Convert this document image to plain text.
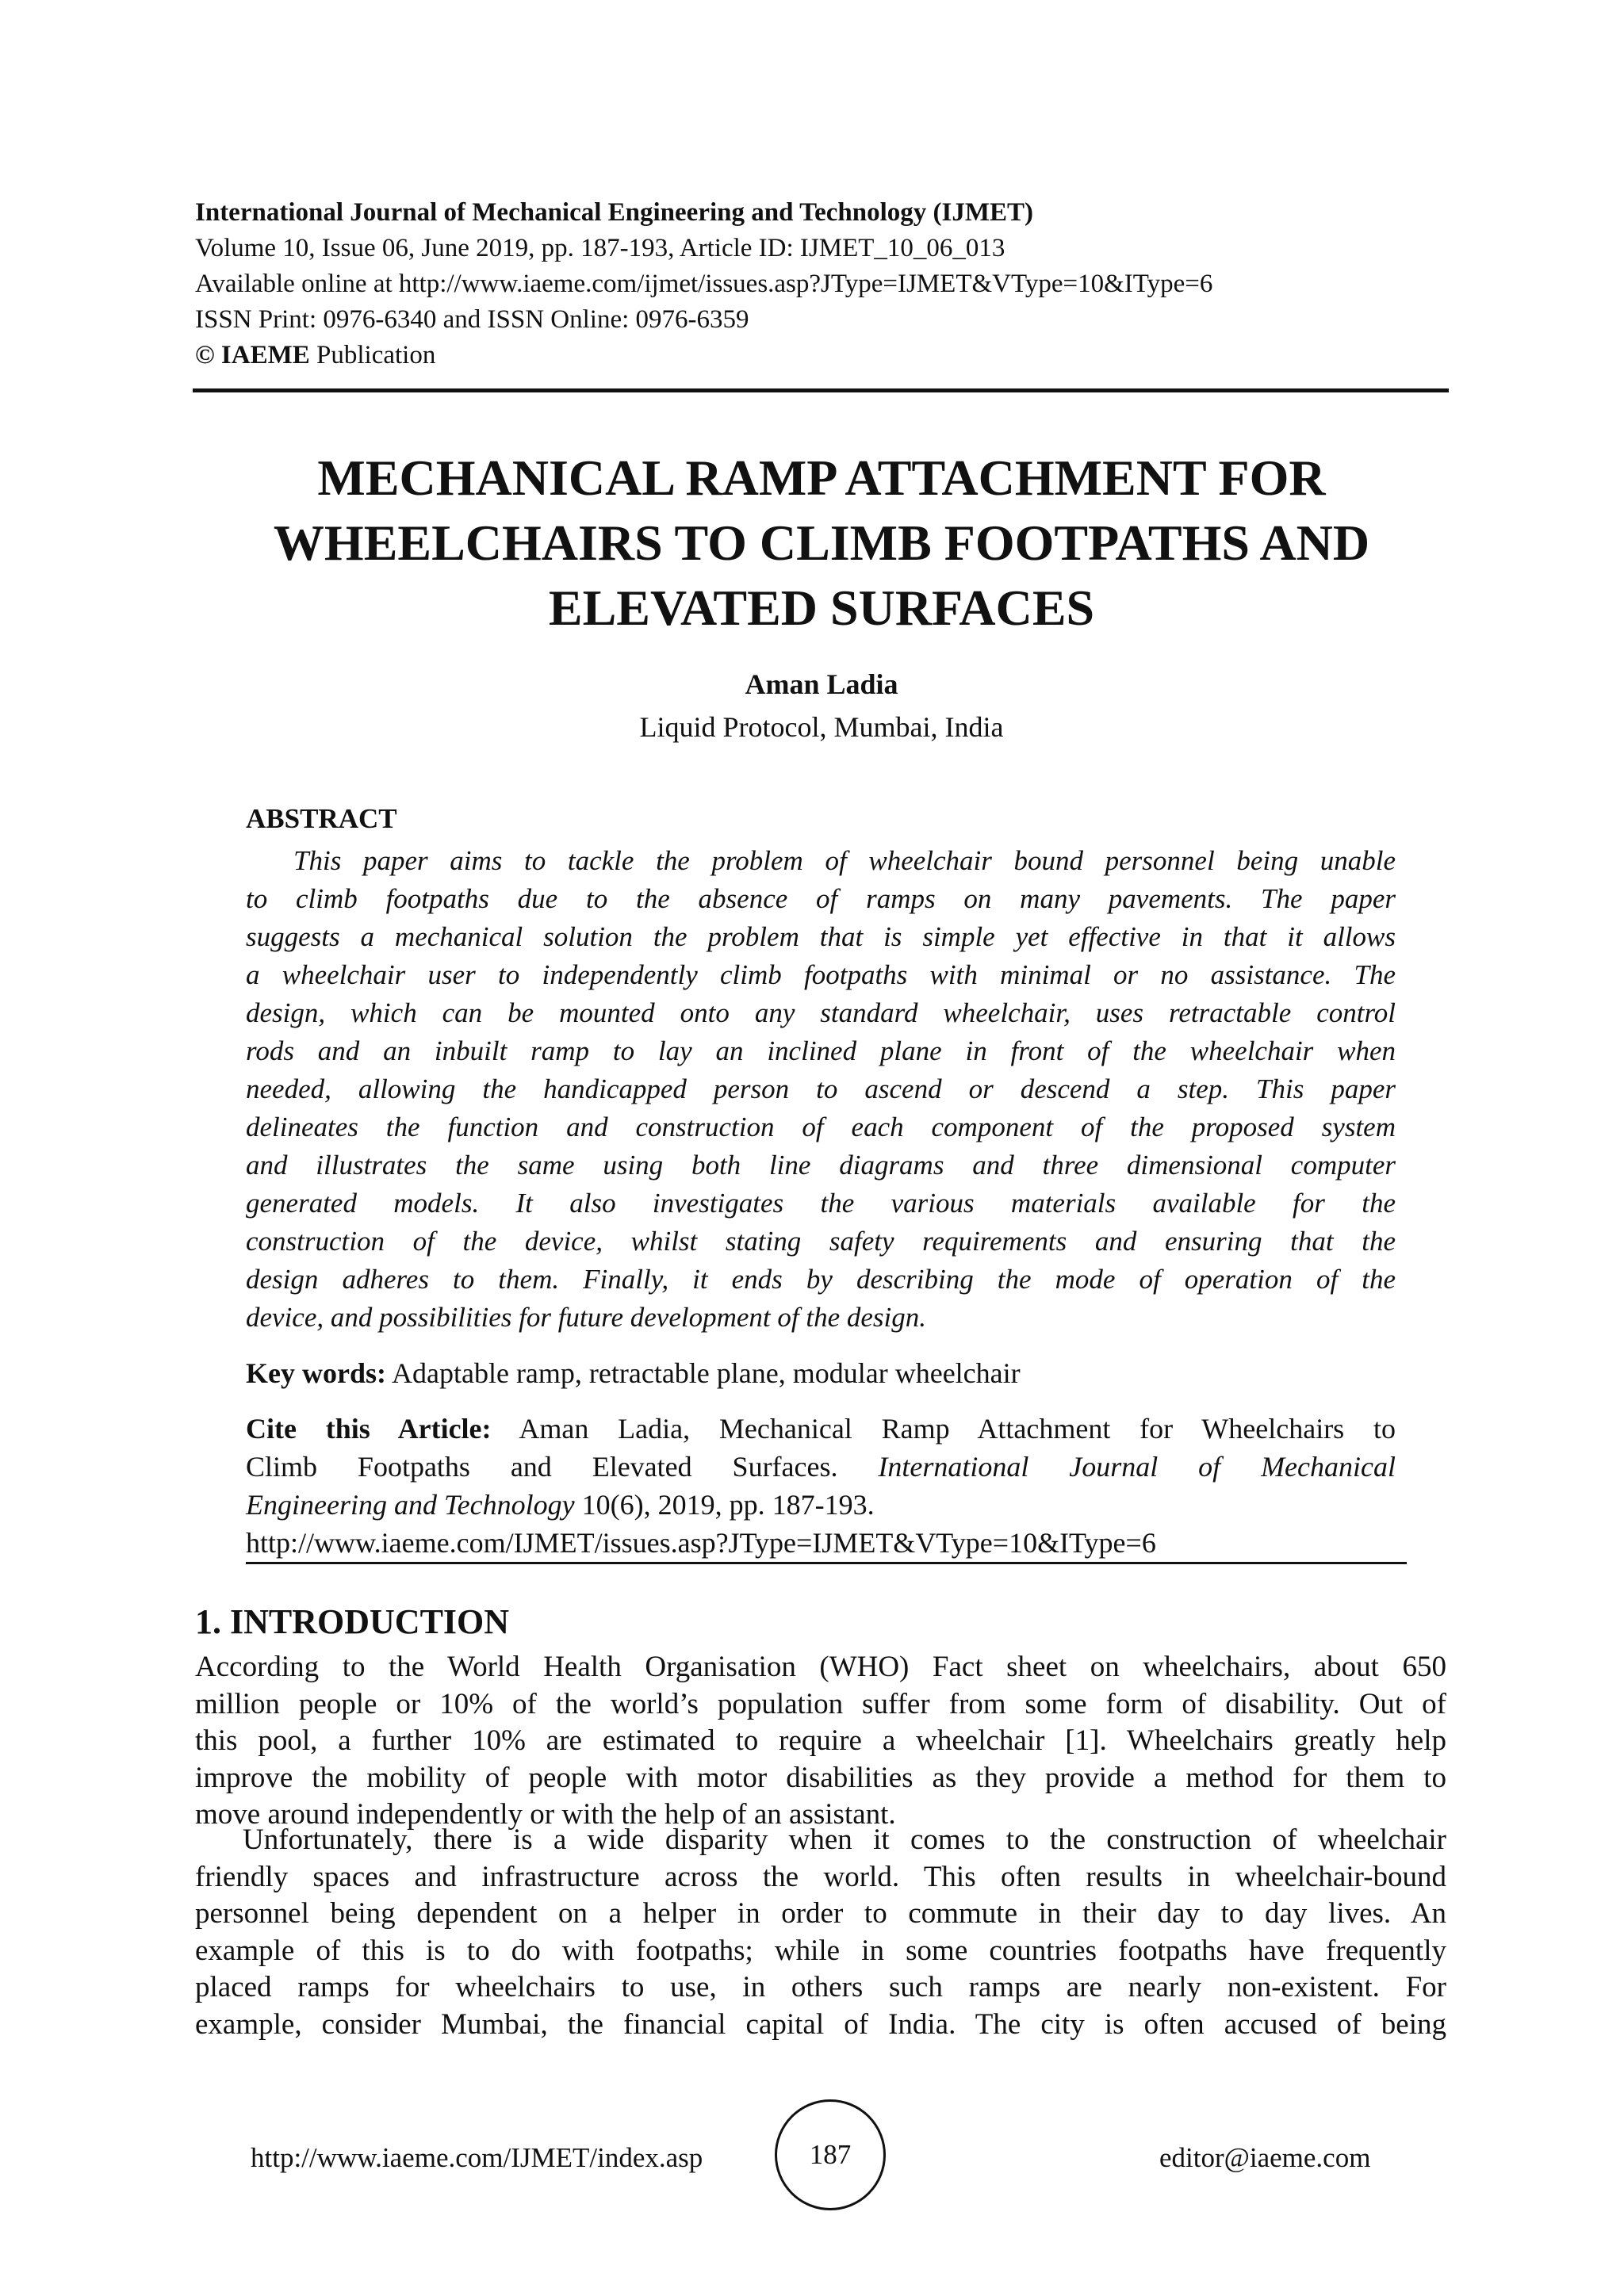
International Journal of Mechanical Engineering and Technology (IJMET)
Volume 10, Issue 06, June 2019, pp. 187-193, Article ID: IJMET_10_06_013
Available online at http://www.iaeme.com/ijmet/issues.asp?JType=IJMET&VType=10&IType=6
ISSN Print: 0976-6340 and ISSN Online: 0976-6359
© IAEME Publication
MECHANICAL RAMP ATTACHMENT FOR
WHEELCHAIRS TO CLIMB FOOTPATHS AND
ELEVATED SURFACES
Aman Ladia
Liquid Protocol, Mumbai, India
ABSTRACT
This paper aims to tackle the problem of wheelchair bound personnel being unable
to climb footpaths due to the absence of ramps on many pavements. The paper
suggests a mechanical solution the problem that is simple yet effective in that it allows
a wheelchair user to independently climb footpaths with minimal or no assistance. The
design, which can be mounted onto any standard wheelchair, uses retractable control
rods and an inbuilt ramp to lay an inclined plane in front of the wheelchair when
needed, allowing the handicapped person to ascend or descend a step. This paper
delineates the function and construction of each component of the proposed system
and illustrates the same using both line diagrams and three dimensional computer
generated models. It also investigates the various materials available for the
construction of the device, whilst stating safety requirements and ensuring that the
design adheres to them. Finally, it ends by describing the mode of operation of the
device, and possibilities for future development of the design.
Key words: Adaptable ramp, retractable plane, modular wheelchair
Cite this Article: Aman Ladia, Mechanical Ramp Attachment for Wheelchairs to
Climb Footpaths and Elevated Surfaces. International Journal of Mechanical
Engineering and Technology 10(6), 2019, pp. 187-193.
http://www.iaeme.com/IJMET/issues.asp?JType=IJMET&VType=10&IType=6
1. INTRODUCTION
According to the World Health Organisation (WHO) Fact sheet on wheelchairs, about 650
million people or 10% of the world’s population suffer from some form of disability. Out of
this pool, a further 10% are estimated to require a wheelchair [1]. Wheelchairs greatly help
improve the mobility of people with motor disabilities as they provide a method for them to
move around independently or with the help of an assistant.
Unfortunately, there is a wide disparity when it comes to the construction of wheelchair
friendly spaces and infrastructure across the world. This often results in wheelchair-bound
personnel being dependent on a helper in order to commute in their day to day lives. An
example of this is to do with footpaths; while in some countries footpaths have frequently
placed ramps for wheelchairs to use, in others such ramps are nearly non-existent. For
example, consider Mumbai, the financial capital of India. The city is often accused of being
http://www.iaeme.com/IJMET/index.asp	187	editor@iaeme.com
